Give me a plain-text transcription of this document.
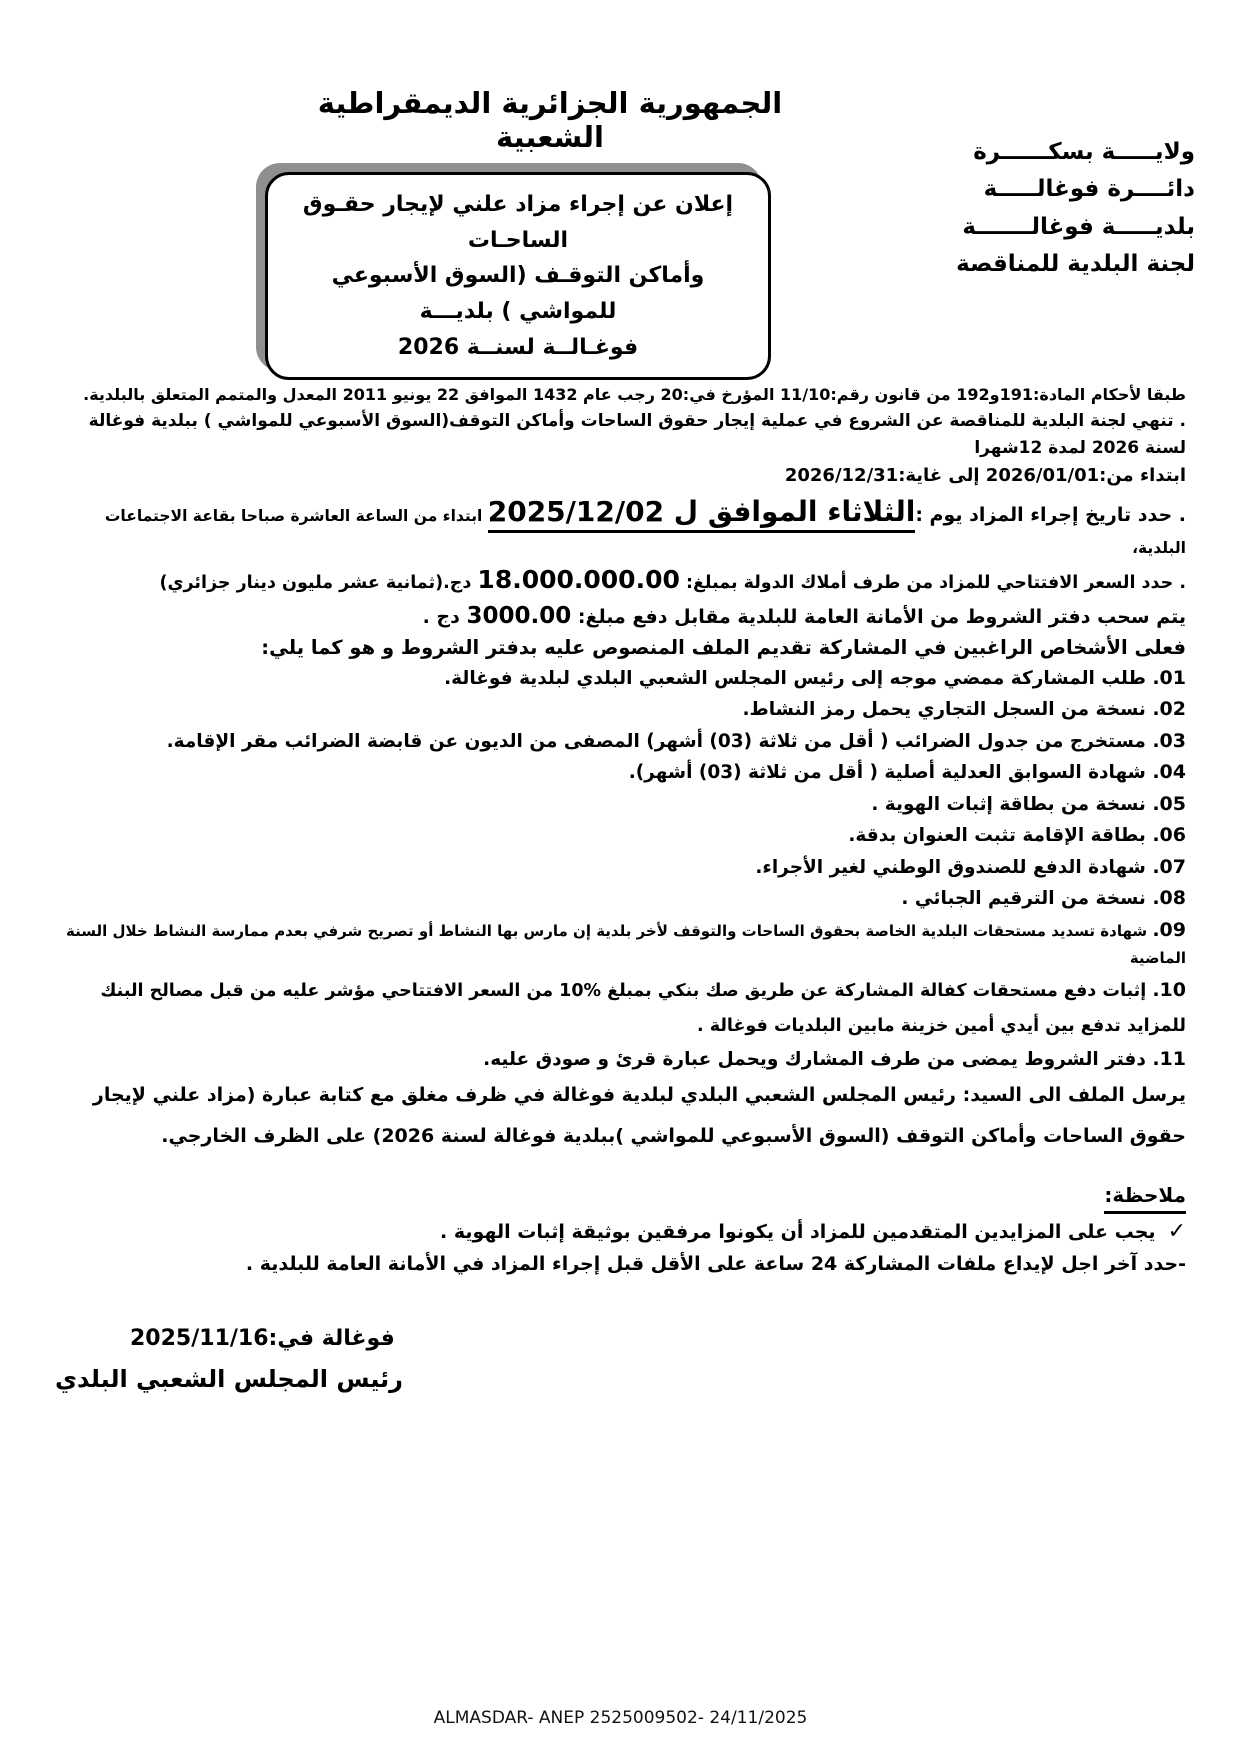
الجمهورية الجزائرية الديمقراطية الشعبية	ولايـــــة بسكــــــرة
دائــــرة فوغالـــــة
بلديـــــة فوغالـــــــة
لجنة البلدية للمناقصة
إعلان عن إجراء مزاد علني لإيجار حقـوق الساحـات
وأماكن التوقـف (السوق الأسبوعي للمواشي ) بلديـــة
فوغـالــة لسنــة 2026

طبقا لأحكام المادة:191و192 من قانون رقم:11/10 المؤرخ في:20 رجب عام 1432 الموافق 22 يونيو 2011 المعدل والمتمم المتعلق بالبلدية.

. تنهي لجنة البلدية للمناقصة عن الشروع في عملية إيجار حقوق الساحات وأماكن التوقف(السوق الأسبوعي للمواشي ) ببلدية فوغالة لسنة 2026 لمدة 12شهرا

ابتداء من:2026/01/01 إلى غاية:2026/12/31

. حدد تاريخ إجراء المزاد يوم :الثلاثاء الموافق ل 2025/12/02 ابتداء من الساعة العاشرة صباحا بقاعة الاجتماعات البلدية،

. حدد السعر الافتتاحي للمزاد من طرف أملاك الدولة بمبلغ: 18.000.000.00 دج.(ثمانية عشر مليون دينار جزائري)

يتم سحب دفتر الشروط من الأمانة العامة للبلدية مقابل دفع مبلغ: 3000.00 دج .

فعلى الأشخاص الراغبين في المشاركة تقديم الملف المنصوص عليه بدفتر الشروط و هو كما يلي:

01. طلب المشاركة ممضي موجه إلى رئيس المجلس الشعبي البلدي لبلدية فوغالة.

02. نسخة من السجل التجاري يحمل رمز النشاط.

03. مستخرج من جدول الضرائب ( أقل من ثلاثة (03) أشهر) المصفى من الديون عن قابضة الضرائب مقر الإقامة.

04. شهادة السوابق العدلية أصلية ( أقل من ثلاثة (03) أشهر).

05. نسخة من بطاقة إثبات الهوية .

06. بطاقة الإقامة تثبت العنوان بدقة.

07. شهادة الدفع للصندوق الوطني لغير الأجراء.

08. نسخة من الترقيم الجبائي .

09. شهادة تسديد مستحقات البلدية الخاصة بحقوق الساحات والتوقف لأخر بلدية إن مارس بها النشاط أو تصريح شرفي بعدم ممارسة النشاط خلال السنة الماضية

10. إثبات دفع مستحقات كفالة المشاركة عن طريق صك بنكي بمبلغ %10 من السعر الافتتاحي مؤشر عليه من قبل مصالح البنك للمزايد تدفع بين أيدي أمين خزينة مابين البلديات فوغالة .

11. دفتر الشروط يمضى من طرف المشارك ويحمل عبارة قرئ و صودق عليه.

يرسل الملف الى السيد: رئيس المجلس الشعبي البلدي لبلدية فوغالة في ظرف مغلق مع كتابة عبارة (مزاد علني لإيجار حقوق الساحات وأماكن التوقف (السوق الأسبوعي للمواشي )ببلدية فوغالة لسنة 2026) على الظرف الخارجي.

ملاحظة:

✓يجب على المزايدين المتقدمين للمزاد أن يكونوا مرفقين بوثيقة إثبات الهوية .

-حدد آخر اجل لإيداع ملفات المشاركة 24 ساعة على الأقل قبل إجراء المزاد في الأمانة العامة للبلدية .

فوغالة في:2025/11/16
رئيس المجلس الشعبي البلدي
ALMASDAR- ANEP 2525009502- 24/11/2025
